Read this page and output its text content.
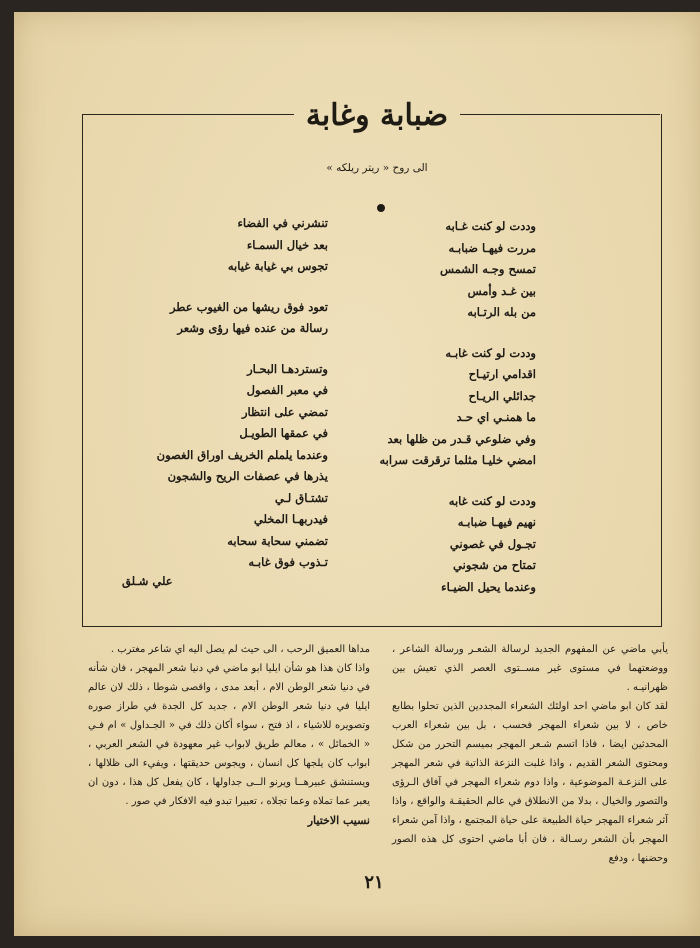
ضبابة وغابة
الى روح « ريتر ريلكه »
وددت لو كنت غـابه
مررت فيهـا ضبابـه
تمسح وجـه الشمس
بين غـد وأمس
من بله الرتـابه
وددت لو كنت غابـه
اقدامي ارتيـاح
جدائلي الريـاح
ما همنـي اي حـد
وفي ضلوعي قـدر من ظلها بعد
امضي خليـا مثلما ترقرقت سرابه
وددت لو كنت غابه
نهيم فيهـا ضبابـه
تجـول في غصوني
تمتاح من شجوني
وعندما يحيل الضيـاء
تنشرني في الفضاء
بعد خيال السمـاء
تجوس بي غيابة غيابه
تعود فوق ريشها من الغيوب عطر
رسالة من عنده فيها رؤى وشعر
وتستردهـا البحـار
في معبر الفصول
تمضي على انتظار
في عمقها الطويـل
وعندما يلملم الخريف اوراق الغصون
يذرها في عصفات الريح والشجون
تشتـاق لـي
فيدربهـا المخلي
تضمني سحابة سحابه
تـذوب فوق غابـه
علي شـلق

يأبي ماضي عن المفهوم الجديد لرسالة الشعـر ورسالة الشاعر ، ووضعتهما في مستوى غير مســتوى العصر الذي تعيش بين ظهرانيـه .

لقد كان ابو ماضي احد اولئك الشعراء المجددين الذين تحلوا بطابع خاص ، لا بين شعراء المهجر فحسب ، بل بين شعراء العرب المحدثين ايضا ، فاذا اتسم شـعر المهجر بميسم التحرر من شكل ومحتوى الشعر القديم ، واذا غلبت النزعة الذاتية في شعر المهجر على النزعـة الموضوعية ، واذا دوم شعراء المهجر في آفاق الـرؤى والتصور والخيال ، بدلا من الانطلاق في عالم الحقيقـة والواقع ، واذا آثر شعراء المهجر حياة الطبيعة على حياة المجتمع ، واذا آمن شعراء المهجر بأن الشعر رسـالة ، فان أبا ماضي احتوى كل هذه الصور وحضنها ، ودفع

مداها العميق الرحب ، الى حيث لم يصل اليه اي شاعر مغترب .

واذا كان هذا هو شأن ايليا ابو ماضي في دنيا شعر المهجر ، فان شأنه في دنيا شعر الوطن الام ، أبعد مدى ، واقصى شوطا ، ذلك لان عالم ايليا في دنيا شعر الوطن الام ، جديد كل الجدة في طراز صوره وتصويره للاشياء ، اذ فتح ، سواء أكان ذلك في « الجـداول » ام فـي « الخمائل » ، معالم طريق لابواب غير معهودة في الشعر العربي ، ابواب كان يلجها كل انسان ، ويجوس حديقتها ، ويفيء الى ظلالها ، ويستنشق عبيرهــا ويرنو الــى جداولها ، كان يفعل كل هذا ، دون ان يعبر عما تملاه وعما تجلاه ، تعبيرا تبدو فيه الافكار في صور .

نسيب الاختيار

٢١
